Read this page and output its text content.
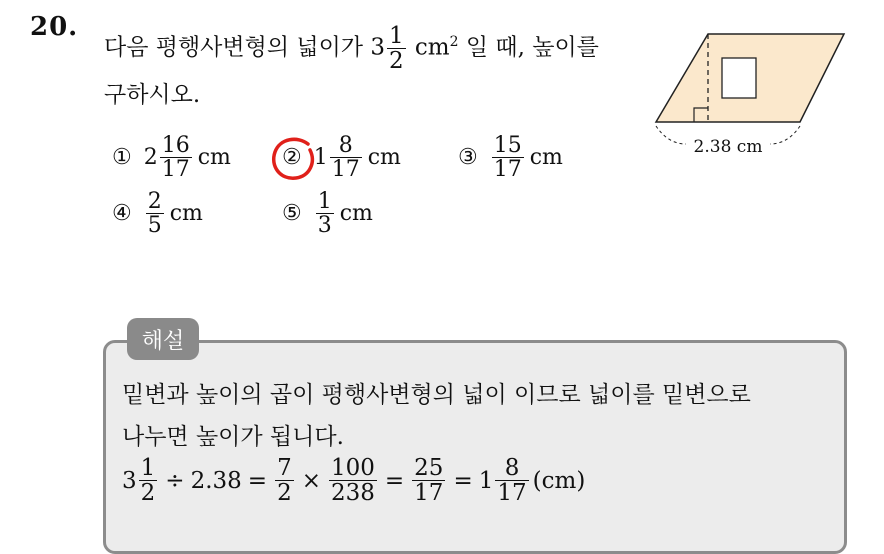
20.
다음 평행사변형의 넓이가 $3 \frac{1}{2} cm^2$ 일 때, 높이를
구하시오.
2.38 cm
① $2 \frac{16}{17}$ cm ② $1 \frac{8}{17}$ cm	③ $\frac{15}{17}$ cm
④ $\frac{2}{5}$ cm	⑤ $\frac{1}{3}$ cm
해설
밑변과 높이의 곱이 평행사변형의 넓이 이므로 넓이를 밑변으로
나누면 높이가 됩니다.
$3 \frac{1}{2} \div 2.38 = \frac{7}{2} \times \frac{100}{238} = \frac{25}{17} = 1 \frac{8}{17} (cm)$
